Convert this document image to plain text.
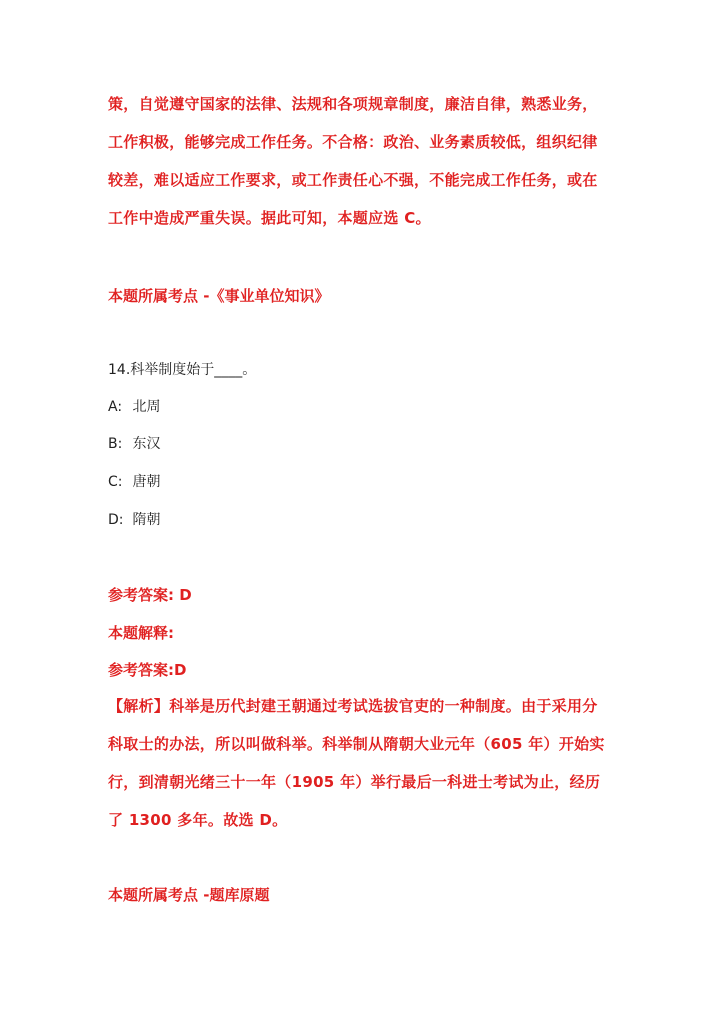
策，自觉遵守国家的法律、法规和各项规章制度，廉洁自律，熟悉业务，工作积极，能够完成工作任务。不合格：政治、业务素质较低，组织纪律较差，难以适应工作要求，或工作责任心不强，不能完成工作任务，或在工作中造成严重失误。据此可知，本题应选 C。

本题所属考点 -《事业单位知识》

14.科举制度始于____。

A: 北周

B: 东汉

C: 唐朝

D: 隋朝

参考答案: D

本题解释:

参考答案:D

【解析】科举是历代封建王朝通过考试选拔官吏的一种制度。由于采用分科取士的办法，所以叫做科举。科举制从隋朝大业元年（605 年）开始实行，到清朝光绪三十一年（1905 年）举行最后一科进士考试为止，经历了 1300 多年。故选 D。

本题所属考点 -题库原题
